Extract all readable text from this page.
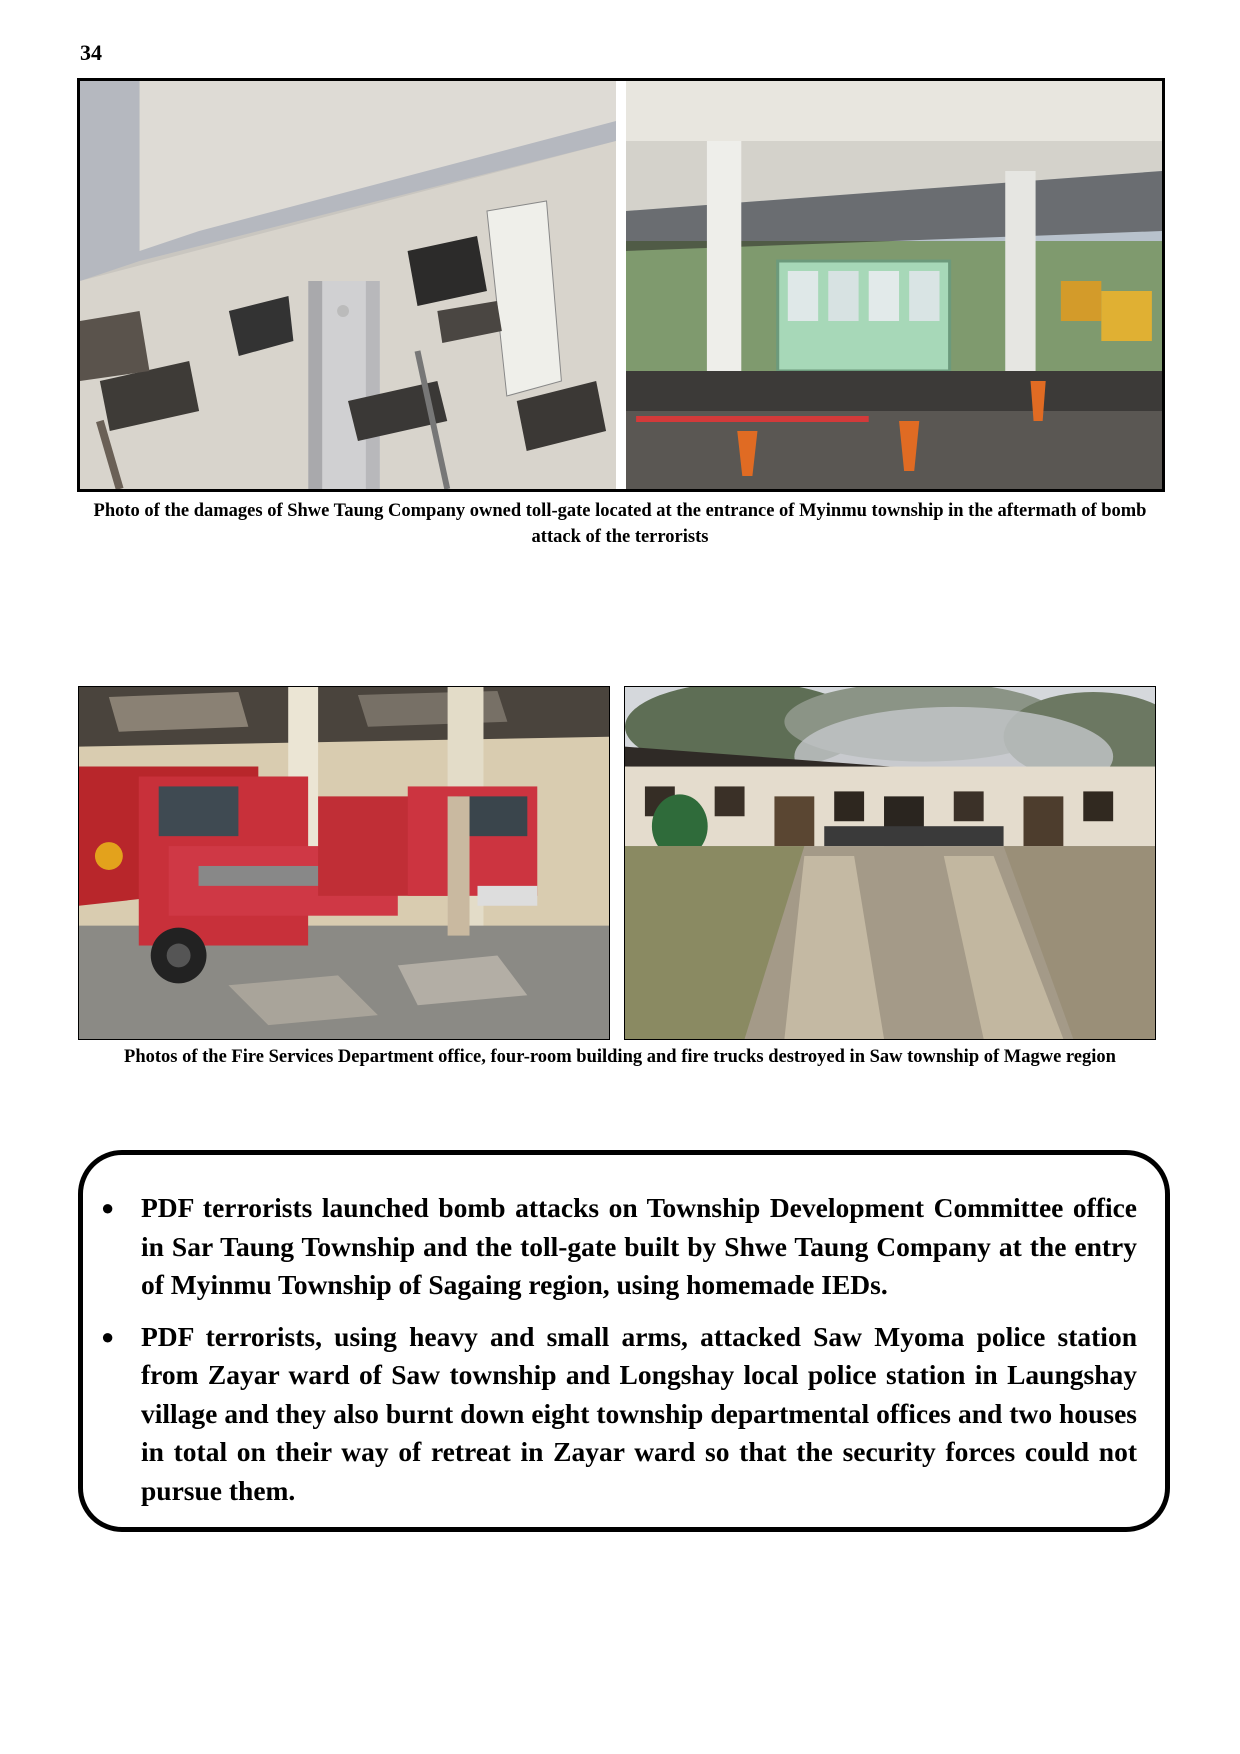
34
Photo of the damages of Shwe Taung Company owned toll-gate located at the entrance of Myinmu township in the aftermath of bomb attack of the terrorists
Photos of the Fire Services Department office, four-room building and fire trucks destroyed in Saw township of Magwe region
● PDF terrorists launched bomb attacks on Township Development Committee office in Sar Taung Township and the toll-gate built by Shwe Taung Company at the entry of Myinmu Township of Sagaing region, using homemade IEDs.
● PDF terrorists, using heavy and small arms, attacked Saw Myoma police station from Zayar ward of Saw township and Longshay local police station in Laungshay village and they also burnt down eight township departmental offices and two houses in total on their way of retreat in Zayar ward so that the security forces could not pursue them.
